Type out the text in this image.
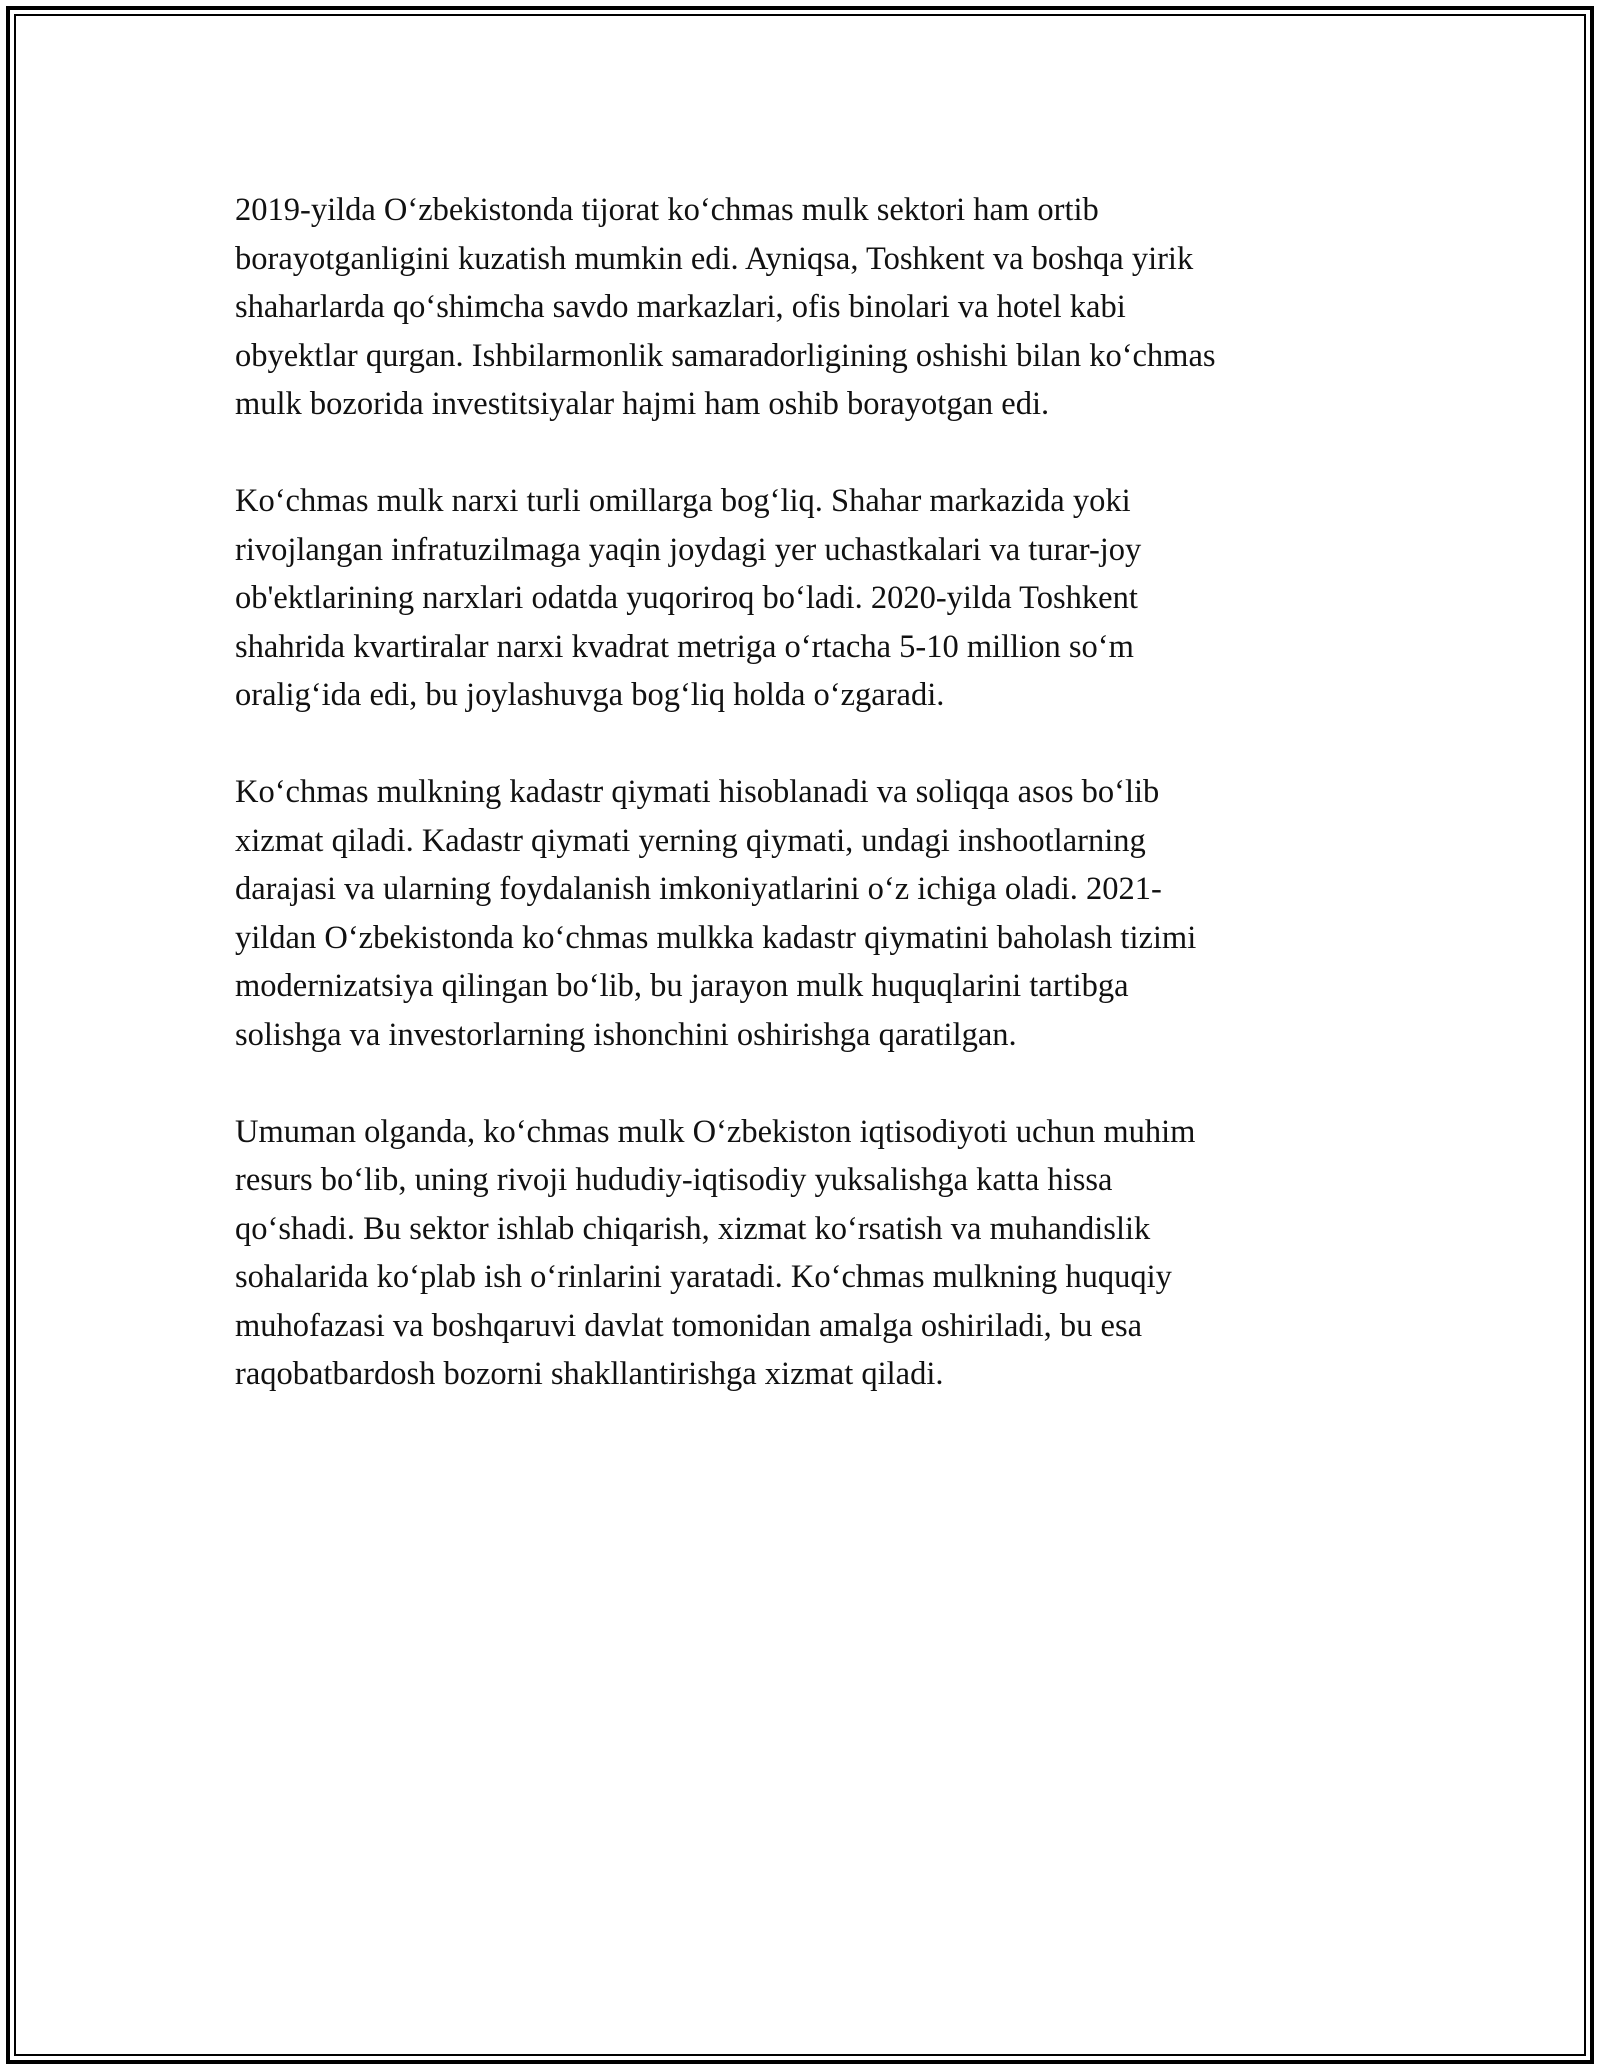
2019-yilda O‘zbekistonda tijorat ko‘chmas mulk sektori ham ortib
borayotganligini kuzatish mumkin edi. Ayniqsa, Toshkent va boshqa yirik
shaharlarda qo‘shimcha savdo markazlari, ofis binolari va hotel kabi
obyektlar qurgan. Ishbilarmonlik samaradorligining oshishi bilan ko‘chmas
mulk bozorida investitsiyalar hajmi ham oshib borayotgan edi.

Ko‘chmas mulk narxi turli omillarga bog‘liq. Shahar markazida yoki
rivojlangan infratuzilmaga yaqin joydagi yer uchastkalari va turar-joy
ob'ektlarining narxlari odatda yuqoriroq bo‘ladi. 2020-yilda Toshkent
shahrida kvartiralar narxi kvadrat metriga o‘rtacha 5-10 million so‘m
oralig‘ida edi, bu joylashuvga bog‘liq holda o‘zgaradi.

Ko‘chmas mulkning kadastr qiymati hisoblanadi va soliqqa asos bo‘lib
xizmat qiladi. Kadastr qiymati yerning qiymati, undagi inshootlarning
darajasi va ularning foydalanish imkoniyatlarini o‘z ichiga oladi. 2021-
yildan O‘zbekistonda ko‘chmas mulkka kadastr qiymatini baholash tizimi
modernizatsiya qilingan bo‘lib, bu jarayon mulk huquqlarini tartibga
solishga va investorlarning ishonchini oshirishga qaratilgan.

Umuman olganda, ko‘chmas mulk O‘zbekiston iqtisodiyoti uchun muhim
resurs bo‘lib, uning rivoji hududiy-iqtisodiy yuksalishga katta hissa
qo‘shadi. Bu sektor ishlab chiqarish, xizmat ko‘rsatish va muhandislik
sohalarida ko‘plab ish o‘rinlarini yaratadi. Ko‘chmas mulkning huquqiy
muhofazasi va boshqaruvi davlat tomonidan amalga oshiriladi, bu esa
raqobatbardosh bozorni shakllantirishga xizmat qiladi.
